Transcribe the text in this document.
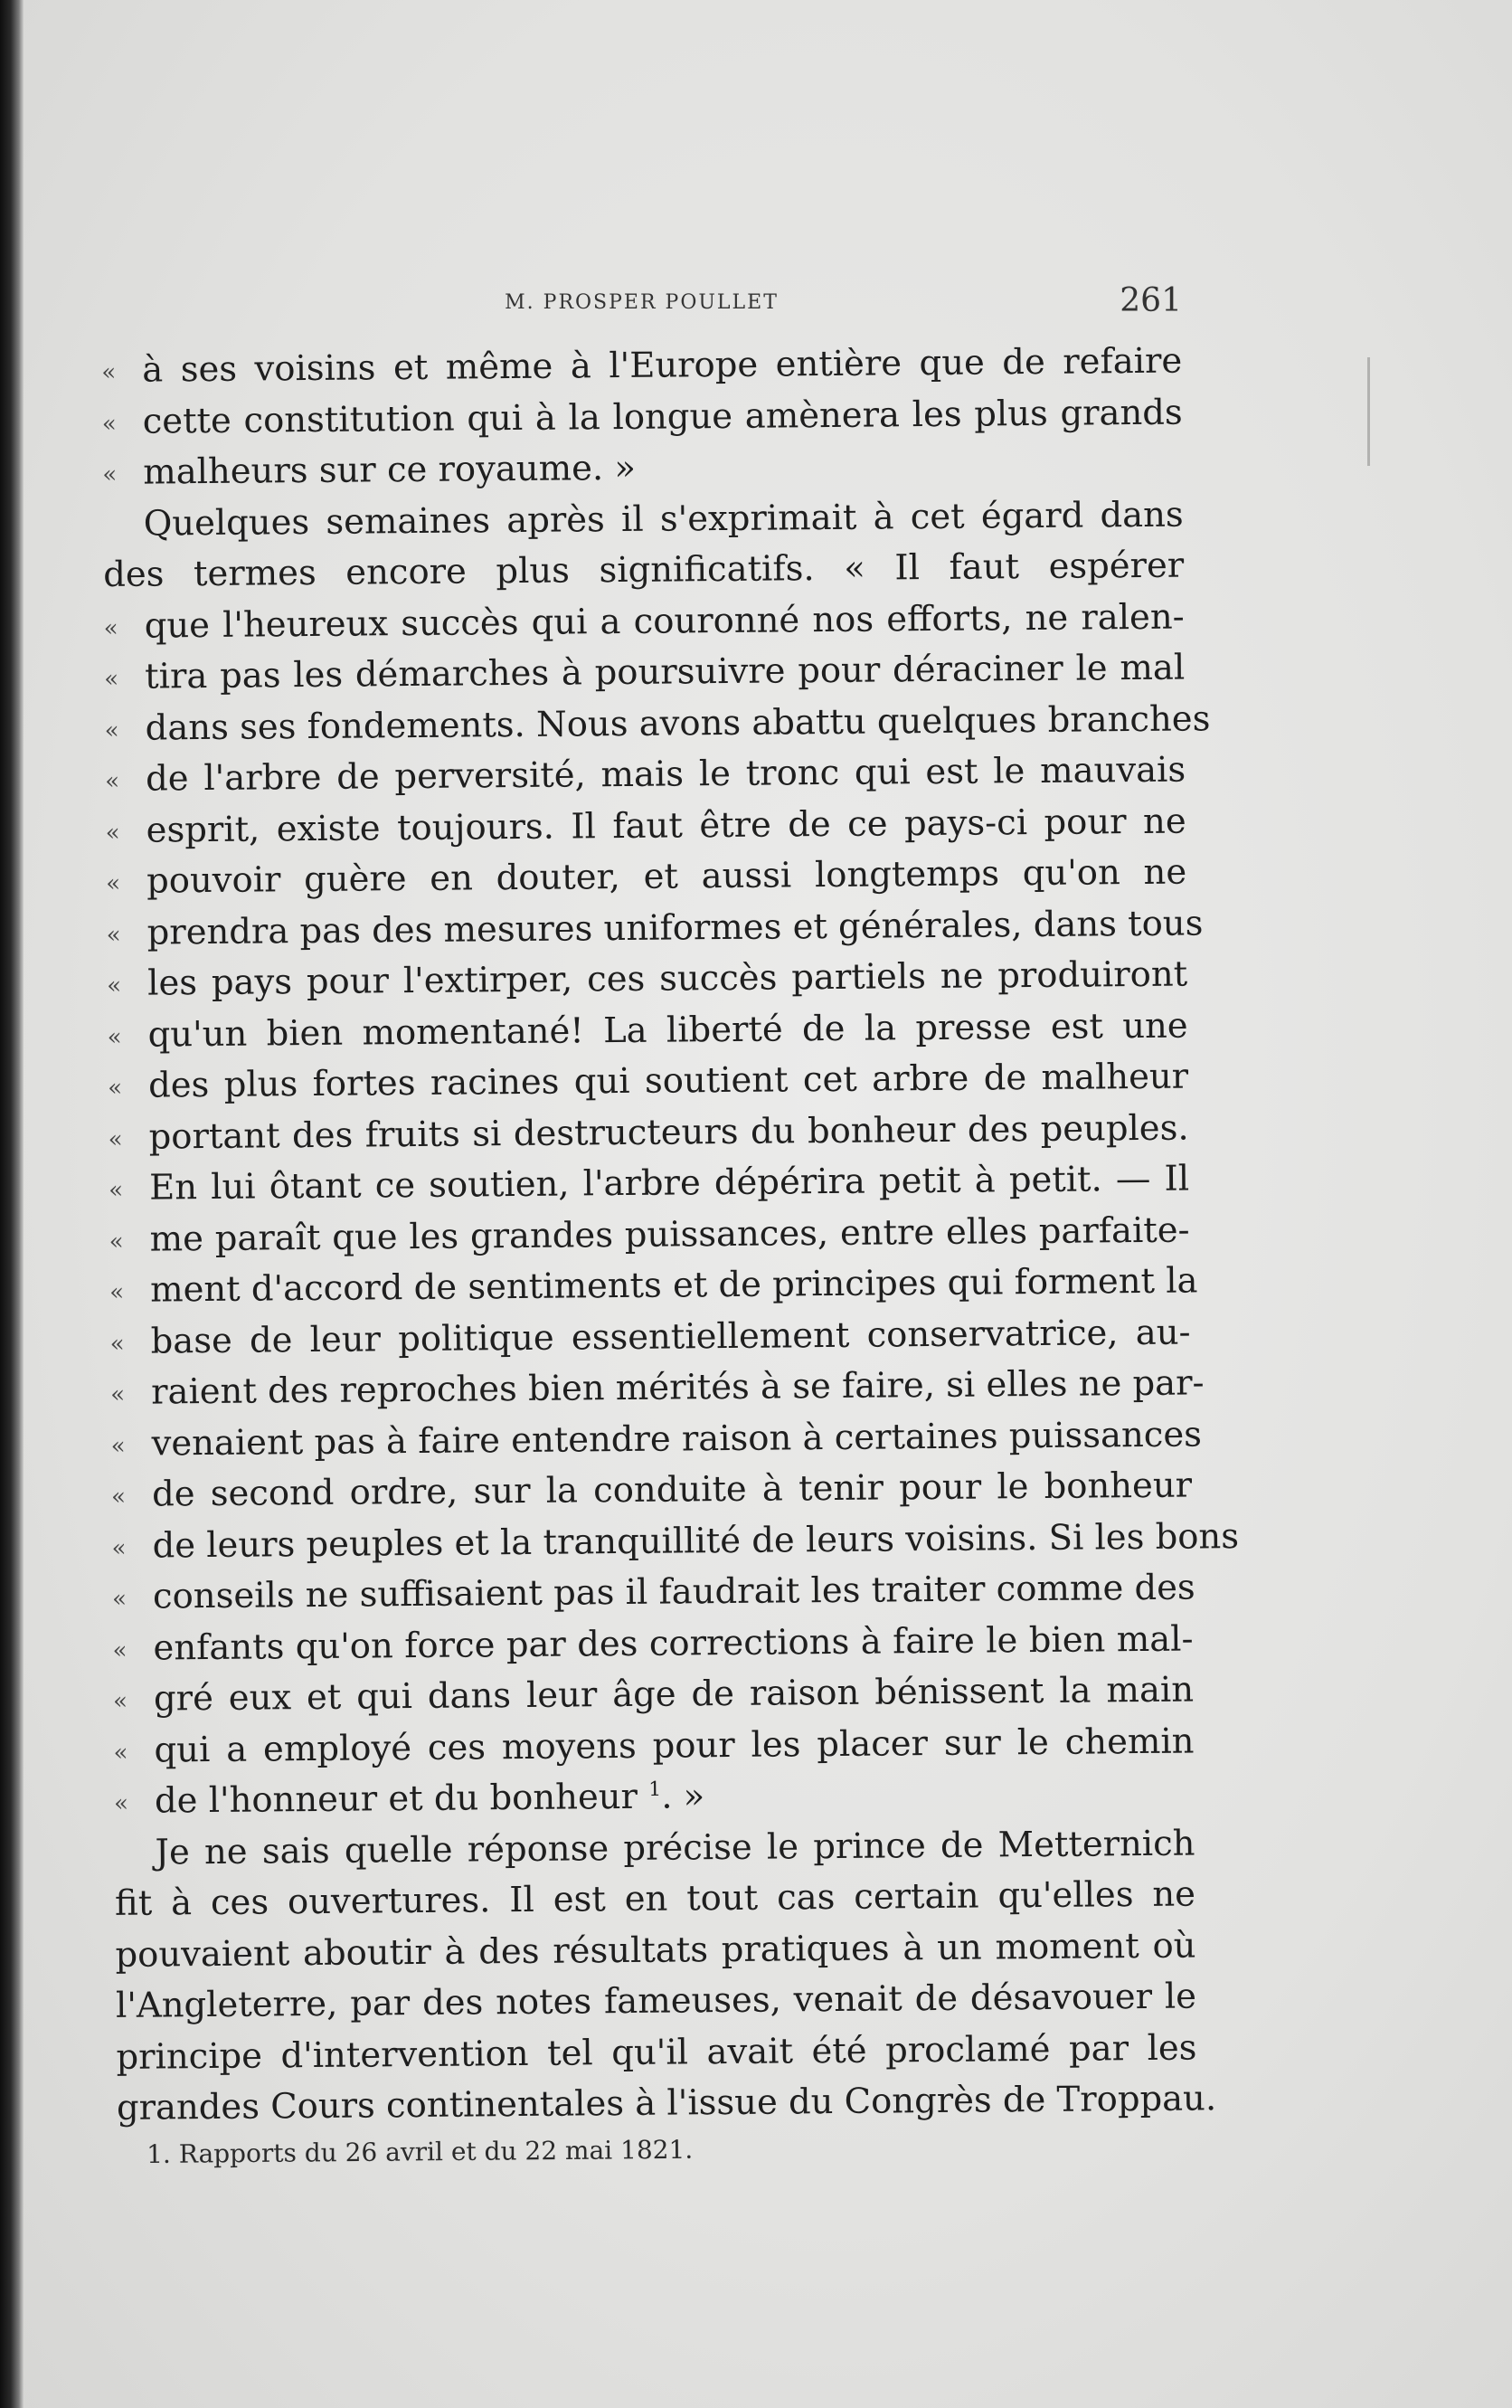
M. PROSPER POULLET	261
« à ses voisins et même à l'Europe entière que de refaire
« cette constitution qui à la longue amènera les plus grands
« malheurs sur ce royaume. »
Quelques semaines après il s'exprimait à cet égard dans
des termes encore plus significatifs. « Il faut espérer
« que l'heureux succès qui a couronné nos efforts, ne ralen-
« tira pas les démarches à poursuivre pour déraciner le mal
« dans ses fondements. Nous avons abattu quelques branches
« de l'arbre de perversité, mais le tronc qui est le mauvais
« esprit, existe toujours. Il faut être de ce pays-ci pour ne
« pouvoir guère en douter, et aussi longtemps qu'on ne
« prendra pas des mesures uniformes et générales, dans tous
« les pays pour l'extirper, ces succès partiels ne produiront
« qu'un bien momentané! La liberté de la presse est une
« des plus fortes racines qui soutient cet arbre de malheur
« portant des fruits si destructeurs du bonheur des peuples.
« En lui ôtant ce soutien, l'arbre dépérira petit à petit. — Il
« me paraît que les grandes puissances, entre elles parfaite-
« ment d'accord de sentiments et de principes qui forment la
« base de leur politique essentiellement conservatrice, au-
« raient des reproches bien mérités à se faire, si elles ne par-
« venaient pas à faire entendre raison à certaines puissances
« de second ordre, sur la conduite à tenir pour le bonheur
« de leurs peuples et la tranquillité de leurs voisins. Si les bons
« conseils ne suffisaient pas il faudrait les traiter comme des
« enfants qu'on force par des corrections à faire le bien mal-
« gré eux et qui dans leur âge de raison bénissent la main
« qui a employé ces moyens pour les placer sur le chemin
« de l'honneur et du bonheur $^1$. »
Je ne sais quelle réponse précise le prince de Metternich
fit à ces ouvertures. Il est en tout cas certain qu'elles ne
pouvaient aboutir à des résultats pratiques à un moment où
l'Angleterre, par des notes fameuses, venait de désavouer le
principe d'intervention tel qu'il avait été proclamé par les
grandes Cours continentales à l'issue du Congrès de Troppau.
1. Rapports du 26 avril et du 22 mai 1821.
